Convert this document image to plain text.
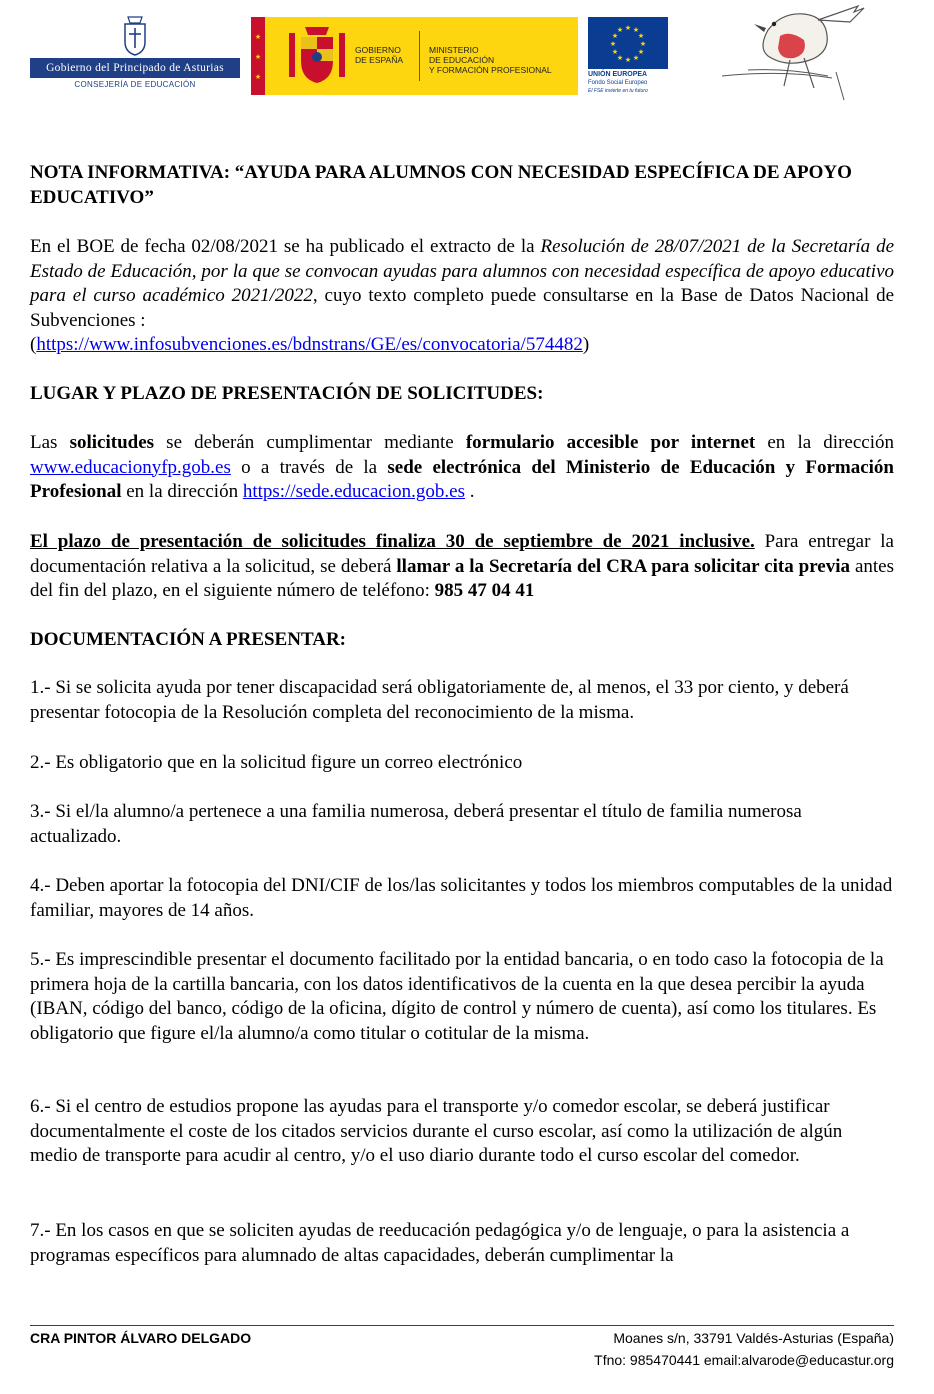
Gobierno del Principado de Asturias
CONSEJERÍA DE EDUCACIÓN
★
★
★
GOBIERNO
DE ESPAÑA
MINISTERIO
DE EDUCACIÓN
Y FORMACIÓN PROFESIONAL
★ ★
★
★
★
★
★
★
★
★
★
★
UNIÓN EUROPEA
Fondo Social Europeo
El FSE invierte en tu futuro
NOTA INFORMATIVA: “AYUDA PARA ALUMNOS CON NECESIDAD ESPECÍFICA DE APOYO EDUCATIVO”

En el BOE de fecha 02/08/2021 se ha publicado el extracto de la Resolución de 28/07/2021 de la Secretaría de Estado de Educación, por la que se convocan ayudas para alumnos con necesidad específica de apoyo educativo para el curso académico 2021/2022, cuyo texto completo puede consultarse en la Base de Datos Nacional de Subvenciones :

(https://www.infosubvenciones.es/bdnstrans/GE/es/convocatoria/574482)

LUGAR Y PLAZO DE PRESENTACIÓN DE SOLICITUDES:

Las solicitudes se deberán cumplimentar mediante formulario accesible por internet en la dirección www.educacionyfp.gob.es o a través de la sede electrónica del Ministerio de Educación y Formación Profesional en la dirección https://sede.educacion.gob.es .

El plazo de presentación de solicitudes finaliza 30 de septiembre de 2021 inclusive. Para entregar la documentación relativa a la solicitud, se deberá llamar a la Secretaría del CRA para solicitar cita previa antes del fin del plazo, en el siguiente número de teléfono: 985 47 04 41

DOCUMENTACIÓN A PRESENTAR:
1.- Si se solicita ayuda por tener discapacidad será obligatoriamente de, al menos, el 33 por ciento, y deberá presentar fotocopia de la Resolución completa del reconocimiento de la misma.
2.- Es obligatorio que en la solicitud figure un correo electrónico
3.- Si el/la alumno/a pertenece a una familia numerosa, deberá presentar el título de familia numerosa actualizado.
4.- Deben aportar la fotocopia del DNI/CIF de los/las solicitantes y todos los miembros computables de la unidad familiar, mayores de 14 años.
5.- Es imprescindible presentar el documento facilitado por la entidad bancaria, o en todo caso la fotocopia de la primera hoja de la cartilla bancaria, con los datos identificativos de la cuenta en la que desea percibir la ayuda (IBAN, código del banco, código de la oficina, dígito de control y número de cuenta), así como los titulares. Es obligatorio que figure el/la alumno/a como titular o cotitular de la misma.
6.- Si el centro de estudios propone las ayudas para el transporte y/o comedor escolar, se deberá justificar documentalmente el coste de los citados servicios durante el curso escolar, así como la utilización de algún medio de transporte para acudir al centro, y/o el uso diario durante todo el curso escolar del comedor.
7.- En los casos en que se soliciten ayudas de reeducación pedagógica y/o de lenguaje, o para la asistencia a programas específicos para alumnado de altas capacidades, deberán cumplimentar la
CRA PINTOR ÁLVARO DELGADO	Moanes s/n, 33791 Valdés-Asturias (España)
Tfno: 985470441 email:alvarode@educastur.org
